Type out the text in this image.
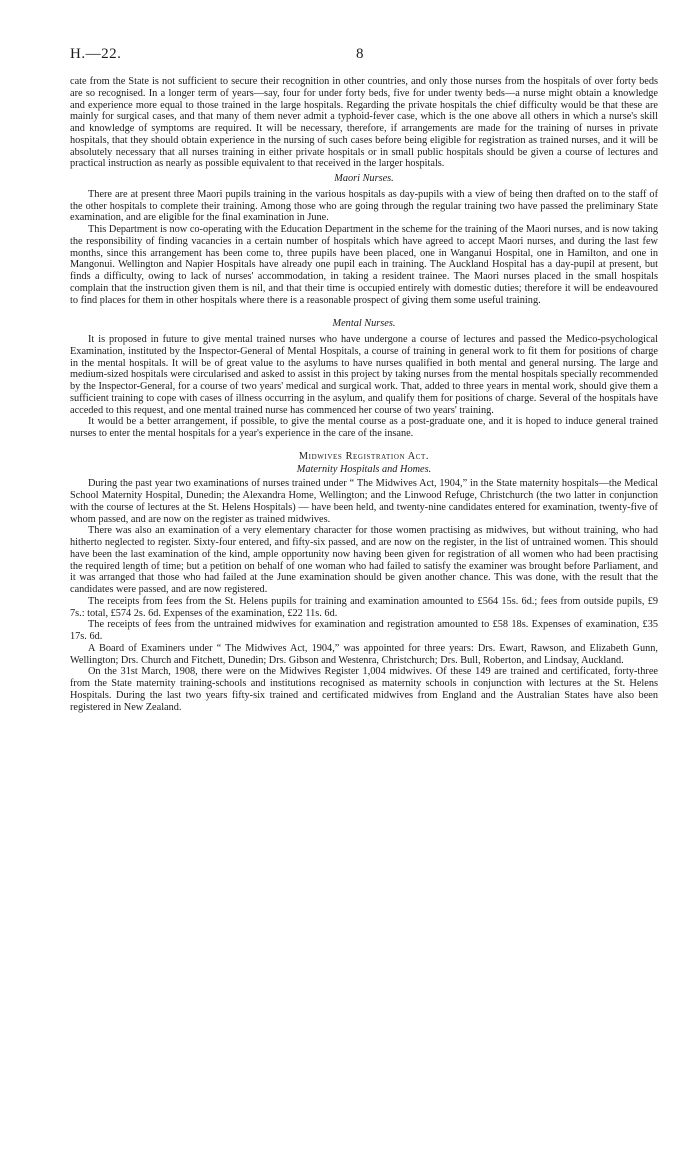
H.—22.	8

cate from the State is not sufficient to secure their recognition in other countries, and only those nurses from the hospitals of over forty beds are so recognised. In a longer term of years—say, four for under forty beds, five for under twenty beds—a nurse might obtain a knowledge and experience more equal to those trained in the large hospitals. Regarding the private hospitals the chief difficulty would be that these are mainly for surgical cases, and that many of them never admit a typhoid-fever case, which is the one above all others in which a nurse's skill and knowledge of symptoms are required. It will be necessary, therefore, if arrangements are made for the training of nurses in private hospitals, that they should obtain experience in the nursing of such cases before being eligible for registration as trained nurses, and it will be absolutely necessary that all nurses training in either private hospitals or in small public hospitals should be given a course of lectures and practical instruction as nearly as possible equivalent to that received in the larger hospitals.

Maori Nurses.

There are at present three Maori pupils training in the various hospitals as day-pupils with a view of being then drafted on to the staff of the other hospitals to complete their training. Among those who are going through the regular training two have passed the preliminary State examination, and are eligible for the final examination in June.

This Department is now co-operating with the Education Department in the scheme for the training of the Maori nurses, and is now taking the responsibility of finding vacancies in a certain number of hospitals which have agreed to accept Maori nurses, and during the last few months, since this arrangement has been come to, three pupils have been placed, one in Wanganui Hospital, one in Hamilton, and one in Mangonui. Wellington and Napier Hospitals have already one pupil each in training. The Auckland Hospital has a day-pupil at present, but finds a difficulty, owing to lack of nurses' accommodation, in taking a resident trainee. The Maori nurses placed in the small hospitals complain that the instruction given them is nil, and that their time is occupied entirely with domestic duties; therefore it will be endeavoured to find places for them in other hospitals where there is a reasonable prospect of giving them some useful training.

Mental Nurses.

It is proposed in future to give mental trained nurses who have undergone a course of lectures and passed the Medico-psychological Examination, instituted by the Inspector-General of Mental Hospitals, a course of training in general work to fit them for positions of charge in the mental hospitals. It will be of great value to the asylums to have nurses qualified in both mental and general nursing. The large and medium-sized hospitals were circularised and asked to assist in this project by taking nurses from the mental hospitals specially recommended by the Inspector-General, for a course of two years' medical and surgical work. That, added to three years in mental work, should give them a sufficient training to cope with cases of illness occurring in the asylum, and qualify them for positions of charge. Several of the hospitals have acceded to this request, and one mental trained nurse has commenced her course of two years' training.

It would be a better arrangement, if possible, to give the mental course as a post-graduate one, and it is hoped to induce general trained nurses to enter the mental hospitals for a year's experience in the care of the insane.

Midwives Registration Act.
Maternity Hospitals and Homes.

During the past year two examinations of nurses trained under “ The Midwives Act, 1904,” in the State maternity hospitals—the Medical School Maternity Hospital, Dunedin; the Alexandra Home, Wellington; and the Linwood Refuge, Christchurch (the two latter in conjunction with the course of lectures at the St. Helens Hospitals) — have been held, and twenty-nine candidates entered for examination, twenty-five of whom passed, and are now on the register as trained midwives.

There was also an examination of a very elementary character for those women practising as midwives, but without training, who had hitherto neglected to register. Sixty-four entered, and fifty-six passed, and are now on the register, in the list of untrained women. This should have been the last examination of the kind, ample opportunity now having been given for registration of all women who had been practising the required length of time; but a petition on behalf of one woman who had failed to satisfy the examiner was brought before Parliament, and it was arranged that those who had failed at the June examination should be given another chance. This was done, with the result that the candidates were passed, and are now registered.

The receipts from fees from the St. Helens pupils for training and examination amounted to £564 15s. 6d.; fees from outside pupils, £9 7s.: total, £574 2s. 6d. Expenses of the examination, £22 11s. 6d.

The receipts of fees from the untrained midwives for examination and registration amounted to £58 18s. Expenses of examination, £35 17s. 6d.

A Board of Examiners under “ The Midwives Act, 1904,” was appointed for three years: Drs. Ewart, Rawson, and Elizabeth Gunn, Wellington; Drs. Church and Fitchett, Dunedin; Drs. Gibson and Westenra, Christchurch; Drs. Bull, Roberton, and Lindsay, Auckland.

On the 31st March, 1908, there were on the Midwives Register 1,004 midwives. Of these 149 are trained and certificated, forty-three from the State maternity training-schools and institutions recognised as maternity schools in conjunction with lectures at the St. Helens Hospitals. During the last two years fifty-six trained and certificated midwives from England and the Australian States have also been registered in New Zealand.
